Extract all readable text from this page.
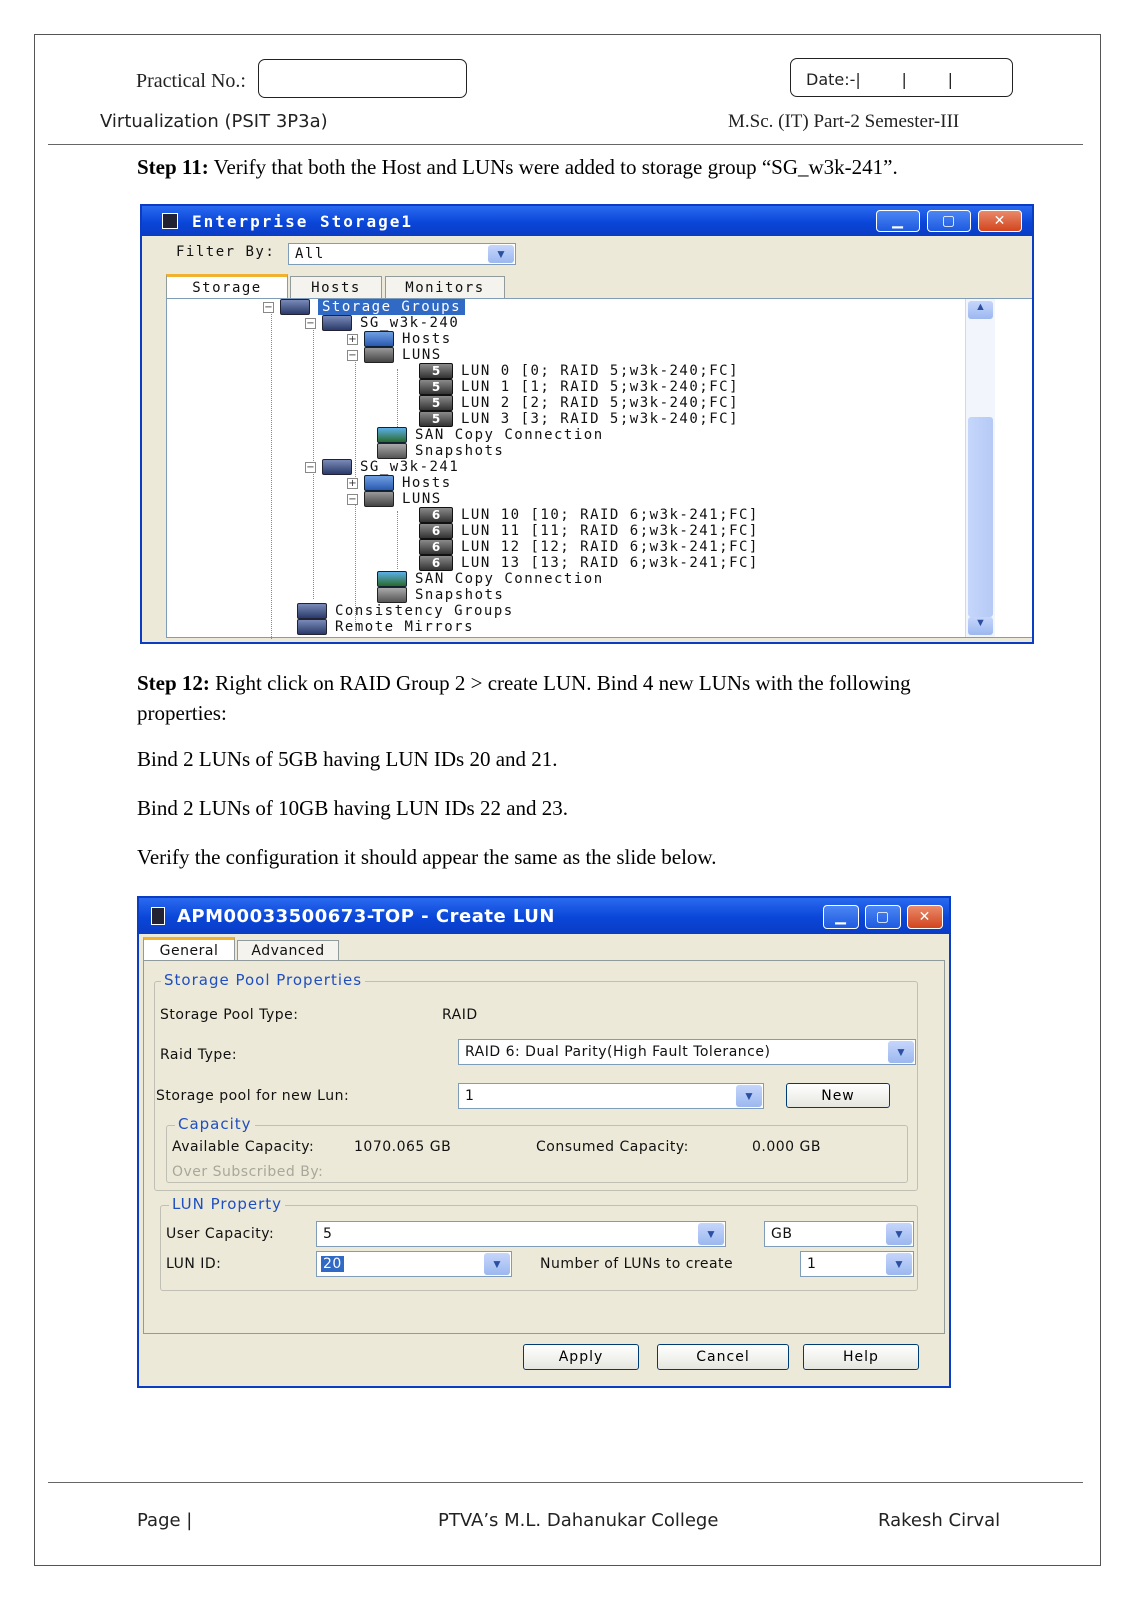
Practical No.:	Date:-|        |        |
Virtualization (PSIT 3P3a)	M.Sc. (IT) Part-2 Semester-III
Step 11: Verify that both the Host and LUNs were added to storage group “SG_w3k-241”.
Enterprise Storage1	▁	▢	✕
Filter By: All	▼
Storage	Hosts	Monitors
▲
▼
−	Storage Groups
−	SG_w3k-240
+	Hosts
−	LUNS
5	LUN 0 [0; RAID 5;w3k-240;FC]
5	LUN 1 [1; RAID 5;w3k-240;FC]
5	LUN 2 [2; RAID 5;w3k-240;FC]
5	LUN 3 [3; RAID 5;w3k-240;FC]
SAN Copy Connection
Snapshots
−	SG_w3k-241
+	Hosts
−	LUNS
6	LUN 10 [10; RAID 6;w3k-241;FC]
6	LUN 11 [11; RAID 6;w3k-241;FC]
6	LUN 12 [12; RAID 6;w3k-241;FC]
6	LUN 13 [13; RAID 6;w3k-241;FC]
SAN Copy Connection
Snapshots
Consistency Groups
Remote Mirrors
Step 12: Right click on RAID Group 2 > create LUN. Bind 4 new LUNs with the following properties:
Bind 2 LUNs of 5GB having LUN IDs 20 and 21.
Bind 2 LUNs of 10GB having LUN IDs 22 and 23.
Verify the configuration it should appear the same as the slide below.
APM00033500673-TOP - Create LUN	▁	▢	✕
General Advanced
Storage Pool Properties
Storage Pool Type:	RAID
Raid Type:	RAID 6: Dual Parity(High Fault Tolerance)	▼
Storage pool for new Lun:	1	▼	New
Capacity
Available Capacity:	1070.065 GB	Consumed Capacity:	0.000 GB
Over Subscribed By:
LUN Property
User Capacity:	5	▼	GB	▼
LUN ID:	20	▼	Number of LUNs to create	1	▼
Apply	Cancel	Help
Page |	PTVA’s M.L. Dahanukar College	Rakesh Cirval
